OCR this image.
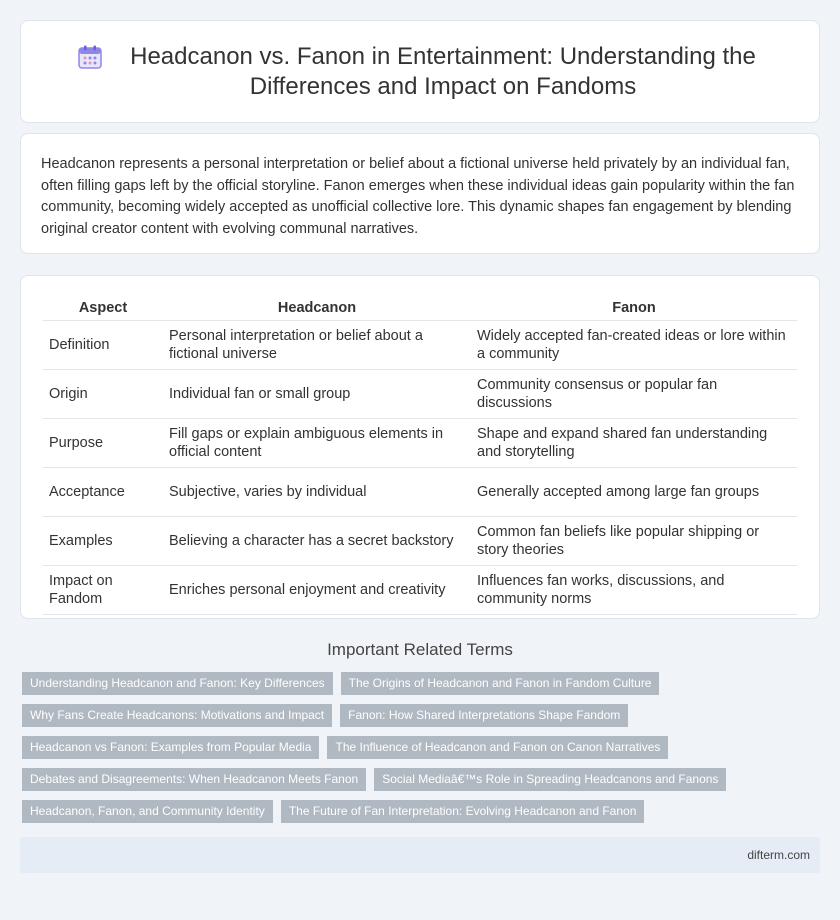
Headcanon vs. Fanon in Entertainment: Understanding the Differences and Impact on Fandoms

Headcanon represents a personal interpretation or belief about a fictional universe held privately by an individual fan, often filling gaps left by the official storyline. Fanon emerges when these individual ideas gain popularity within the fan community, becoming widely accepted as unofficial collective lore. This dynamic shapes fan engagement by blending original creator content with evolving communal narratives.

Aspect	Headcanon	Fanon
Definition	Personal interpretation or belief about a fictional universe	Widely accepted fan-created ideas or lore within a community
Origin	Individual fan or small group	Community consensus or popular fan discussions
Purpose	Fill gaps or explain ambiguous elements in official content	Shape and expand shared fan understanding and storytelling
Acceptance	Subjective, varies by individual	Generally accepted among large fan groups
Examples	Believing a character has a secret backstory	Common fan beliefs like popular shipping or story theories
Impact on Fandom	Enriches personal enjoyment and creativity	Influences fan works, discussions, and community norms
Important Related Terms
Understanding Headcanon and Fanon: Key Differences	The Origins of Headcanon and Fanon in Fandom Culture
Why Fans Create Headcanons: Motivations and Impact	Fanon: How Shared Interpretations Shape Fandom
Headcanon vs Fanon: Examples from Popular Media	The Influence of Headcanon and Fanon on Canon Narratives
Debates and Disagreements: When Headcanon Meets Fanon	Social Mediaâ€™s Role in Spreading Headcanons and Fanons
Headcanon, Fanon, and Community Identity	The Future of Fan Interpretation: Evolving Headcanon and Fanon
difterm.com
